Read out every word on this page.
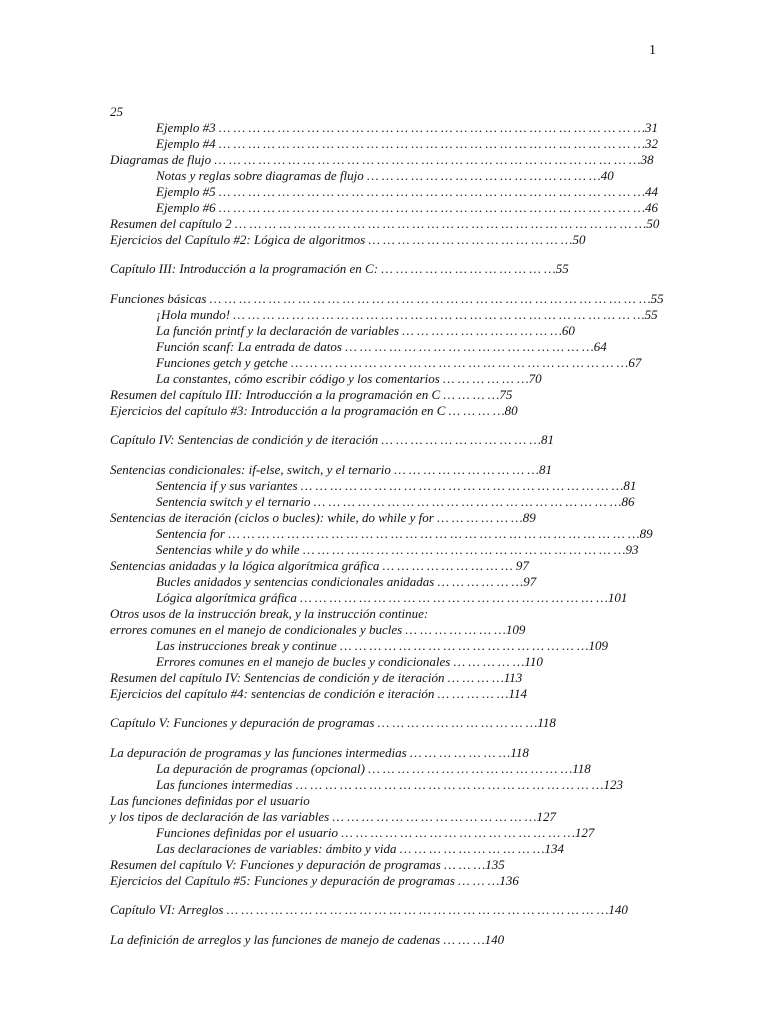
1
25
Ejemplo #3 … … … … … … … … … … … … … … … … … … … … … … … … … … … … …31
Ejemplo #4 … … … … … … … … … … … … … … … … … … … … … … … … … … … … …32
Diagramas de flujo … … … … … … … … … … … … … … … … … … … … … … … … … … … … …38
Notas y reglas sobre diagramas de flujo … … … … … … … … … … … … … … … …40
Ejemplo #5 … … … … … … … … … … … … … … … … … … … … … … … … … … … … …44
Ejemplo #6 … … … … … … … … … … … … … … … … … … … … … … … … … … … … …46
Resumen del capítulo 2 … … … … … … … … … … … … … … … … … … … … … … … … … … … …50
Ejercicios del Capítulo #2: Lógica de algoritmos … … … … … … … … … … … … … …50
Capítulo III: Introducción a la programación en C: … … … … … … … … … … … …55
Funciones básicas … … … … … … … … … … … … … … … … … … … … … … … … … … … … … …55
¡Hola mundo! … … … … … … … … … … … … … … … … … … … … … … … … … … … …55
La función printf y la declaración de variables … … … … … … … … … … …60
Función scanf: La entrada de datos … … … … … … … … … … … … … … … … …64
Funciones getch y getche … … … … … … … … … … … … … … … … … … … … … … …67
La constantes, cómo escribir código y los comentarios … … … … … …70
Resumen del capítulo III: Introducción a la programación en C … … … …75
Ejercicios del capítulo #3: Introducción a la programación en C … … … …80
Capítulo IV: Sentencias de condición y de iteración … … … … … … … … … … …81
Sentencias condicionales: if-else, switch, y el ternario … … … … … … … … … …81
Sentencia if y sus variantes … … … … … … … … … … … … … … … … … … … … … …81
Sentencia switch y el ternario … … … … … … … … … … … … … … … … … … … … …86
Sentencias de iteración (ciclos o bucles): while, do while y for … … … … … …89
Sentencia for … … … … … … … … … … … … … … … … … … … … … … … … … … … …89
Sentencias while y do while … … … … … … … … … … … … … … … … … … … … … …93
Sentencias anidadas y la lógica algorítmica gráfica … … … … … … … … … 97
Bucles anidados y sentencias condicionales anidadas … … … … … …97
Lógica algorítmica gráfica … … … … … … … … … … … … … … … … … … … … …101
Otros usos de la instrucción break, y la instrucción continue:
errores comunes en el manejo de condicionales y bucles … … … … … … …109
Las instrucciones break y continue … … … … … … … … … … … … … … … … …109
Errores comunes en el manejo de bucles y condicionales … … … … …110
Resumen del capítulo IV: Sentencias de condición y de iteración … … … …113
Ejercicios del capítulo #4: sentencias de condición e iteración … … … … …114
Capítulo V: Funciones y depuración de programas … … … … … … … … … … …118
La depuración de programas y las funciones intermedias … … … … … … …118
La depuración de programas (opcional) … … … … … … … … … … … … … …118
Las funciones intermedias … … … … … … … … … … … … … … … … … … … … …123
Las funciones definidas por el usuario
y los tipos de declaración de las variables … … … … … … … … … … … … … …127
Funciones definidas por el usuario … … … … … … … … … … … … … … … …127
Las declaraciones de variables: ámbito y vida … … … … … … … … … …134
Resumen del capítulo V: Funciones y depuración de programas … … …135
Ejercicios del Capítulo #5: Funciones y depuración de programas … … …136
Capítulo VI: Arreglos … … … … … … … … … … … … … … … … … … … … … … … … … …140
La definición de arreglos y las funciones de manejo de cadenas … … …140
